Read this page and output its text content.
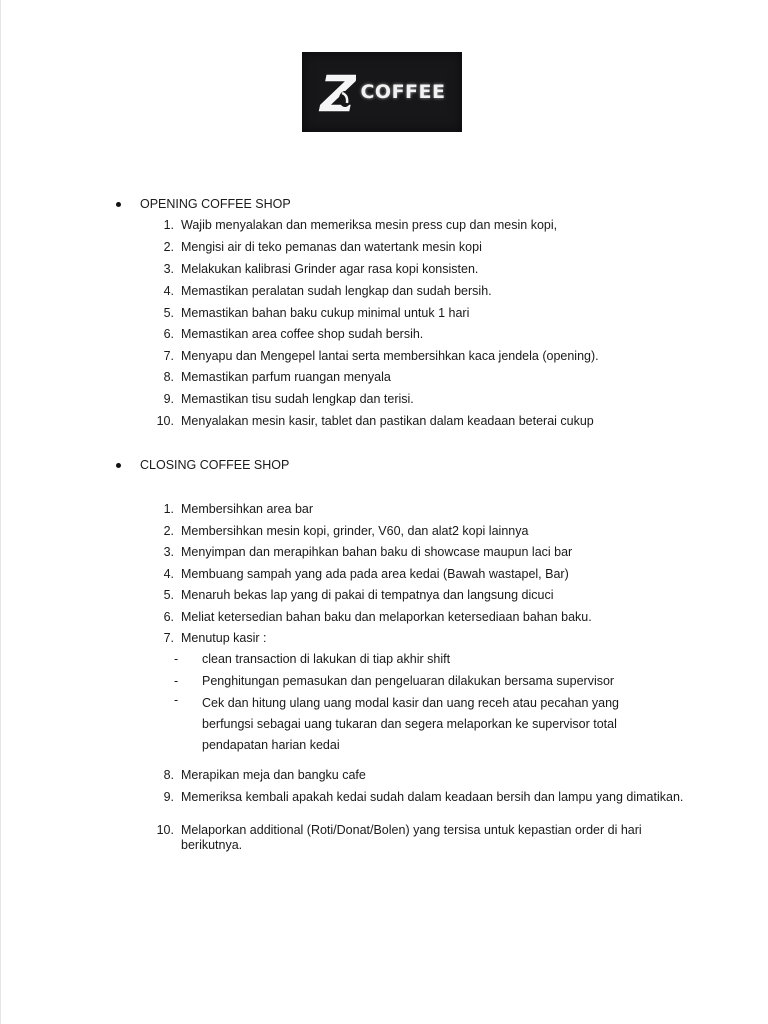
COFFEE
OPENING COFFEE SHOP
1. Wajib menyalakan dan memeriksa mesin press cup dan mesin kopi,
2. Mengisi air di teko pemanas dan watertank mesin kopi
3. Melakukan kalibrasi Grinder agar rasa kopi konsisten.
4. Memastikan peralatan sudah lengkap dan sudah bersih.
5. Memastikan bahan baku cukup minimal untuk 1 hari
6. Memastikan area coffee shop sudah bersih.
7. Menyapu dan Mengepel lantai serta membersihkan kaca jendela (opening).
8. Memastikan parfum ruangan menyala
9. Memastikan tisu sudah lengkap dan terisi.
10. Menyalakan mesin kasir, tablet dan pastikan dalam keadaan beterai cukup
CLOSING COFFEE SHOP
1. Membersihkan area bar
2. Membersihkan mesin kopi, grinder, V60, dan alat2 kopi lainnya
3. Menyimpan dan merapihkan bahan baku di showcase maupun laci bar
4. Membuang sampah yang ada pada area kedai (Bawah wastapel, Bar)
5. Menaruh bekas lap yang di pakai di tempatnya dan langsung dicuci
6. Meliat ketersedian bahan baku dan melaporkan ketersediaan bahan baku.
7. Menutup kasir :
- clean transaction di lakukan di tiap akhir shift
- Penghitungan pemasukan dan pengeluaran dilakukan bersama supervisor
- Cek dan hitung ulang uang modal kasir dan uang receh atau pecahan yang berfungsi sebagai uang tukaran dan segera melaporkan ke supervisor total pendapatan harian kedai
8. Merapikan meja dan bangku cafe
9. Memeriksa kembali apakah kedai sudah dalam keadaan bersih dan lampu yang dimatikan.
10. Melaporkan additional (Roti/Donat/Bolen) yang tersisa untuk kepastian order di hari berikutnya.
